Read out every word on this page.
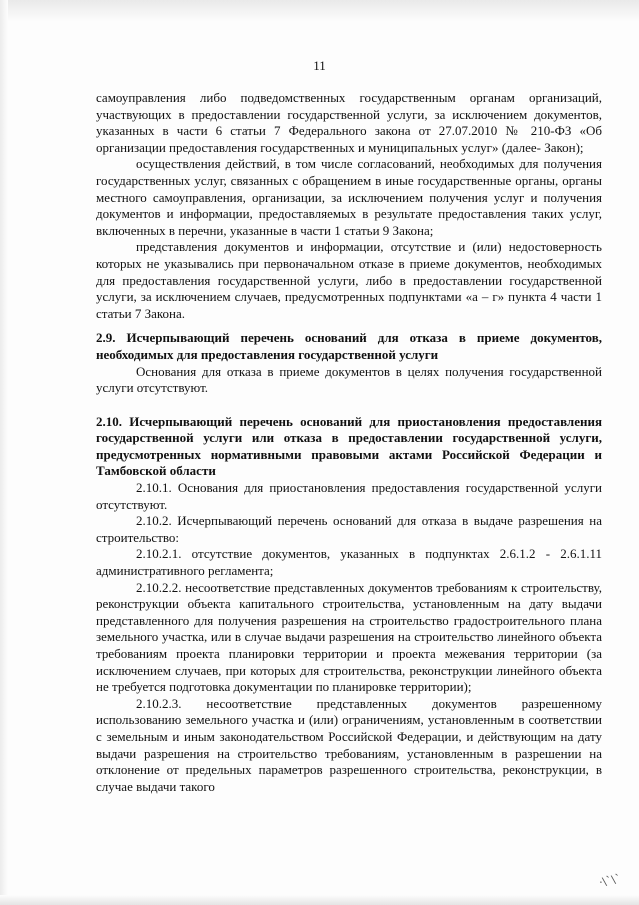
11

самоуправления либо подведомственных государственным органам организаций, участвующих в предоставлении государственной услуги, за исключением документов, указанных в части 6 статьи 7 Федерального закона от 27.07.2010 № 210-ФЗ «Об организации предоставления государственных и муниципальных услуг» (далее- Закон);

осуществления действий, в том числе согласований, необходимых для получения государственных услуг, связанных с обращением в иные государственные органы, органы местного самоуправления, организации, за исключением получения услуг и получения документов и информации, предоставляемых в результате предоставления таких услуг, включенных в перечни, указанные в части 1 статьи 9 Закона;

представления документов и информации, отсутствие и (или) недостоверность которых не указывались при первоначальном отказе в приеме документов, необходимых для предоставления государственной услуги, либо в предоставлении государственной услуги, за исключением случаев, предусмотренных подпунктами «а – г» пункта 4 части 1 статьи 7 Закона.

2.9. Исчерпывающий перечень оснований для отказа в приеме документов, необходимых для предоставления государственной услуги

Основания для отказа в приеме документов в целях получения государственной услуги отсутствуют.

2.10. Исчерпывающий перечень оснований для приостановления предоставления государственной услуги или отказа в предоставлении государственной услуги, предусмотренных нормативными правовыми актами Российской Федерации и Тамбовской области

2.10.1. Основания для приостановления предоставления государственной услуги отсутствуют.

2.10.2. Исчерпывающий перечень оснований для отказа в выдаче разрешения на строительство:

2.10.2.1. отсутствие документов, указанных в подпунктах 2.6.1.2 - 2.6.1.11 административного регламента;

2.10.2.2. несоответствие представленных документов требованиям к строительству, реконструкции объекта капитального строительства, установленным на дату выдачи представленного для получения разрешения на строительство градостроительного плана земельного участка, или в случае выдачи разрешения на строительство линейного объекта требованиям проекта планировки территории и проекта межевания территории (за исключением случаев, при которых для строительства, реконструкции линейного объекта не требуется подготовка документации по планировке территории);

2.10.2.3. несоответствие представленных документов разрешенному использованию земельного участка и (или) ограничениям, установленным в соответствии с земельным и иным законодательством Российской Федерации, и действующим на дату выдачи разрешения на строительство требованиям, установленным в разрешении на отклонение от предельных параметров разрешенного строительства, реконструкции, в случае выдачи такого

·\`\`
